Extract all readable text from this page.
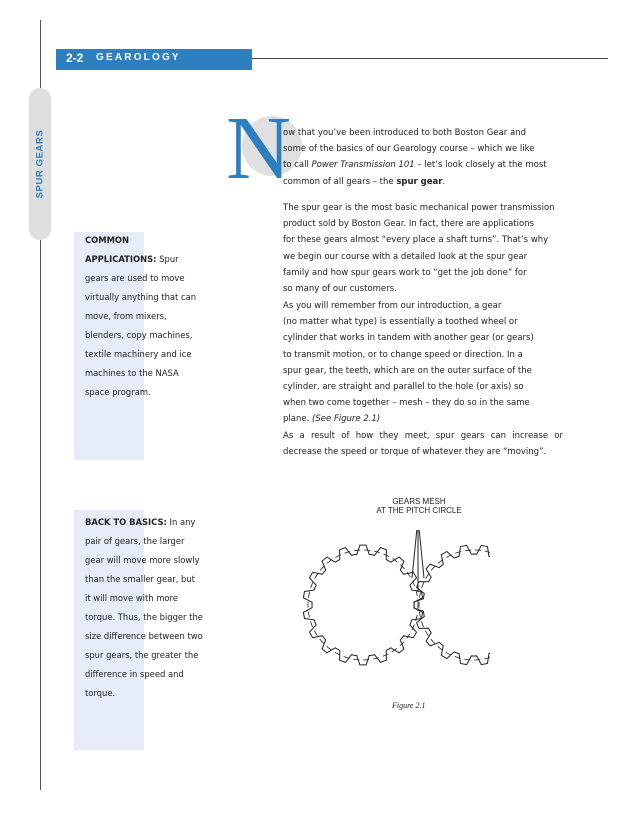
2-2 GEAROLOGY
SPUR GEARS
COMMON APPLICATIONS: Spur gears are used to move virtually anything that can move, from mixers, blenders, copy machines, textile machinery and ice machines to the NASA space program.
BACK TO BASICS: In any pair of gears, the larger gear will move more slowly than the smaller gear, but it will move with more torque. Thus, the bigger the size difference between two spur gears, the greater the difference in speed and torque.
N

ow that you’ve been introduced to both Boston Gear and
some of the basics of our Gearology course – which we like
to call Power Transmission 101 – let’s look closely at the most
common of all gears – the spur gear.

The spur gear is the most basic mechanical power transmission
product sold by Boston Gear. In fact, there are applications
for these gears almost “every place a shaft turns”. That’s why
we begin our course with a detailed look at the spur gear
family and how spur gears work to “get the job done” for
so many of our customers.

As you will remember from our introduction, a gear
(no matter what type) is essentially a toothed wheel or
cylinder that works in tandem with another gear (or gears)
to transmit motion, or to change speed or direction. In a
spur gear, the teeth, which are on the outer surface of the
cylinder, are straight and parallel to the hole (or axis) so
when two come together – mesh – they do so in the same
plane. (See Figure 2.1)

As a result of how they meet, spur gears can increase or decrease the speed or torque of whatever they are “moving”.

GEARS MESH
AT THE PITCH CIRCLE
Figure 2.1
